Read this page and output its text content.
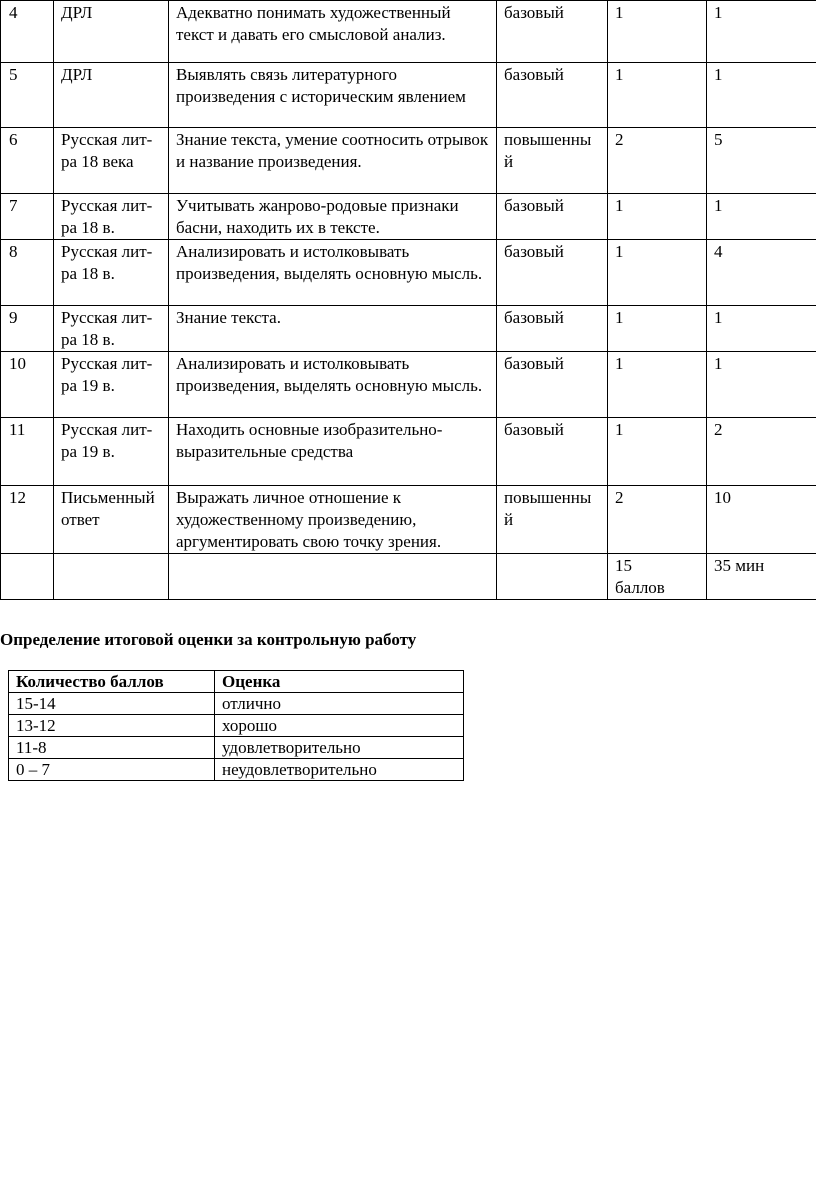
4	ДРЛ	Адекватно понимать художественный текст и давать его смысловой анализ.	базовый	1	1
5	ДРЛ	Выявлять связь литературного произведения с историческим явлением	базовый	1	1
6	Русская лит-ра 18 века	Знание текста, умение соотносить отрывок и название произведения.	повышенный	2	5
7	Русская лит-ра 18 в.	Учитывать жанрово-родовые признаки басни, находить их в тексте.	базовый	1	1
8	Русская лит-ра 18 в.	Анализировать и истолковывать произведения, выделять основную мысль.	базовый	1	4
9	Русская лит-ра 18 в.	Знание текста.	базовый	1	1
10	Русская лит-ра 19 в.	Анализировать и истолковывать произведения, выделять основную мысль.	базовый	1	1
11	Русская лит-ра 19 в.	Находить основные изобразительно-выразительные средства	базовый	1	2
12	Письменный ответ	Выражать личное отношение к художественному произведению, аргументировать свою точку зрения.	повышенный	2	10
				15 баллов	35 мин

Определение итоговой оценки за контрольную работу

Количество баллов	Оценка
15-14	отлично
13-12	хорошо
11-8	удовлетворительно
0 – 7	неудовлетворительно
